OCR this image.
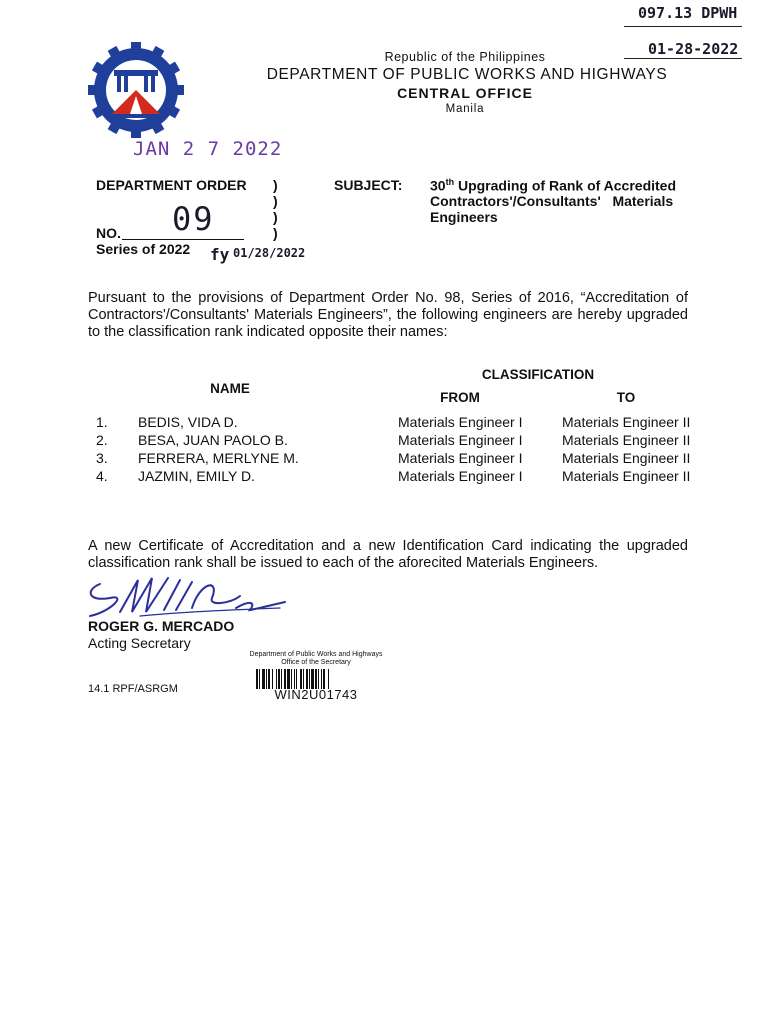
097.13 DPWH
01-28-2022
Republic of the Philippines
DEPARTMENT OF PUBLIC WORKS AND HIGHWAYS
CENTRAL OFFICE
Manila
JAN 2 7 2022
DEPARTMENT ORDER )
)
)
)
NO. 09
Series of 2022 fy 01/28/2022
SUBJECT: 30th Upgrading of Rank of Accredited
Contractors'/Consultants'   Materials
Engineers
Pursuant to the provisions of Department Order No. 98, Series of 2016, “Accreditation of Contractors'/Consultants' Materials Engineers”, the following engineers are hereby upgraded to the classification rank indicated opposite their names:
CLASSIFICATION
NAME
FROM	TO
1. BEDIS, VIDA D.	Materials Engineer I	Materials Engineer II
2. BESA, JUAN PAOLO B.	Materials Engineer I	Materials Engineer II
3. FERRERA, MERLYNE M.	Materials Engineer I	Materials Engineer II
4. JAZMIN, EMILY D.	Materials Engineer I	Materials Engineer II
A new Certificate of Accreditation and a new Identification Card indicating the upgraded classification rank shall be issued to each of the aforecited Materials Engineers.
ROGER G. MERCADO
Acting Secretary
Department of Public Works and Highways
Office of the Secretary
WIN2U01743
14.1 RPF/ASRGM
